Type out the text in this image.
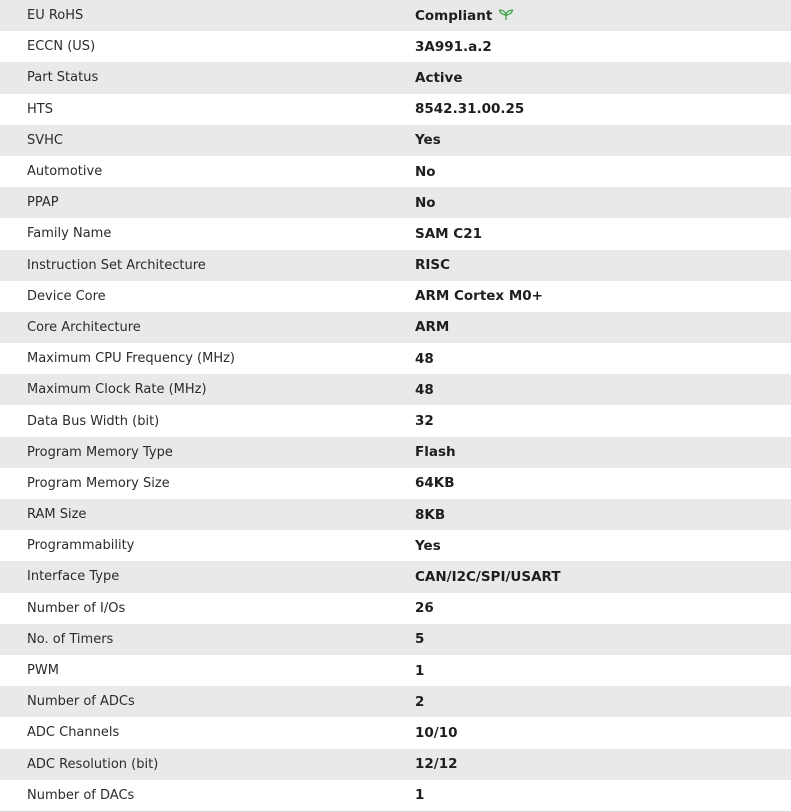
EU RoHS	Compliant
ECCN (US)	3A991.a.2
Part Status	Active
HTS	8542.31.00.25
SVHC	Yes
Automotive	No
PPAP	No
Family Name	SAM C21
Instruction Set Architecture	RISC
Device Core	ARM Cortex M0+
Core Architecture	ARM
Maximum CPU Frequency (MHz)	48
Maximum Clock Rate (MHz)	48
Data Bus Width (bit)	32
Program Memory Type	Flash
Program Memory Size	64KB
RAM Size	8KB
Programmability	Yes
Interface Type	CAN/I2C/SPI/USART
Number of I/Os	26
No. of Timers	5
PWM	1
Number of ADCs	2
ADC Channels	10/10
ADC Resolution (bit)	12/12
Number of DACs	1
